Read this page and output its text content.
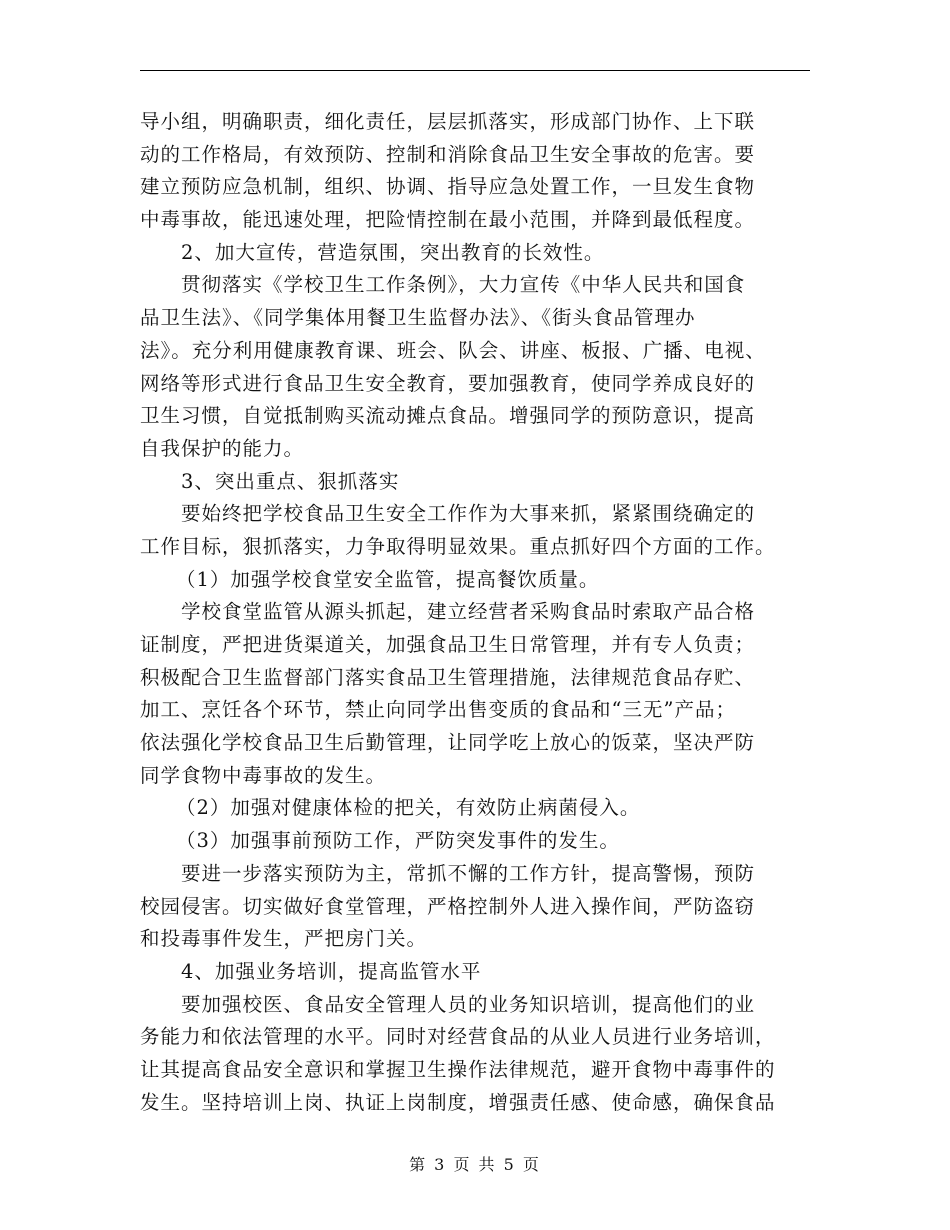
导小组，明确职责，细化责任，层层抓落实，形成部门协作、上下联
动的工作格局，有效预防、控制和消除食品卫生安全事故的危害。要
建立预防应急机制，组织、协调、指导应急处置工作，一旦发生食物
中毒事故，能迅速处理，把险情控制在最小范围，并降到最低程度。
2、加大宣传，营造氛围，突出教育的长效性。
贯彻落实《学校卫生工作条例》，大力宣传《中华人民共和国食
品卫生法》、《同学集体用餐卫生监督办法》、《街头食品管理办
法》。充分利用健康教育课、班会、队会、讲座、板报、广播、电视、
网络等形式进行食品卫生安全教育，要加强教育，使同学养成良好的
卫生习惯，自觉抵制购买流动摊点食品。增强同学的预防意识，提高
自我保护的能力。
3、突出重点、狠抓落实
要始终把学校食品卫生安全工作作为大事来抓，紧紧围绕确定的
工作目标，狠抓落实，力争取得明显效果。重点抓好四个方面的工作。
（1）加强学校食堂安全监管，提高餐饮质量。
学校食堂监管从源头抓起，建立经营者采购食品时索取产品合格
证制度，严把进货渠道关，加强食品卫生日常管理，并有专人负责；
积极配合卫生监督部门落实食品卫生管理措施，法律规范食品存贮、
加工、烹饪各个环节，禁止向同学出售变质的食品和“三无”产品；
依法强化学校食品卫生后勤管理，让同学吃上放心的饭菜，坚决严防
同学食物中毒事故的发生。
（2）加强对健康体检的把关，有效防止病菌侵入。
（3）加强事前预防工作，严防突发事件的发生。
要进一步落实预防为主，常抓不懈的工作方针，提高警惕，预防
校园侵害。切实做好食堂管理，严格控制外人进入操作间，严防盗窃
和投毒事件发生，严把房门关。
4、加强业务培训，提高监管水平
要加强校医、食品安全管理人员的业务知识培训，提高他们的业
务能力和依法管理的水平。同时对经营食品的从业人员进行业务培训，
让其提高食品安全意识和掌握卫生操作法律规范，避开食物中毒事件的
发生。坚持培训上岗、执证上岗制度，增强责任感、使命感，确保食品
第 3 页 共 5 页
